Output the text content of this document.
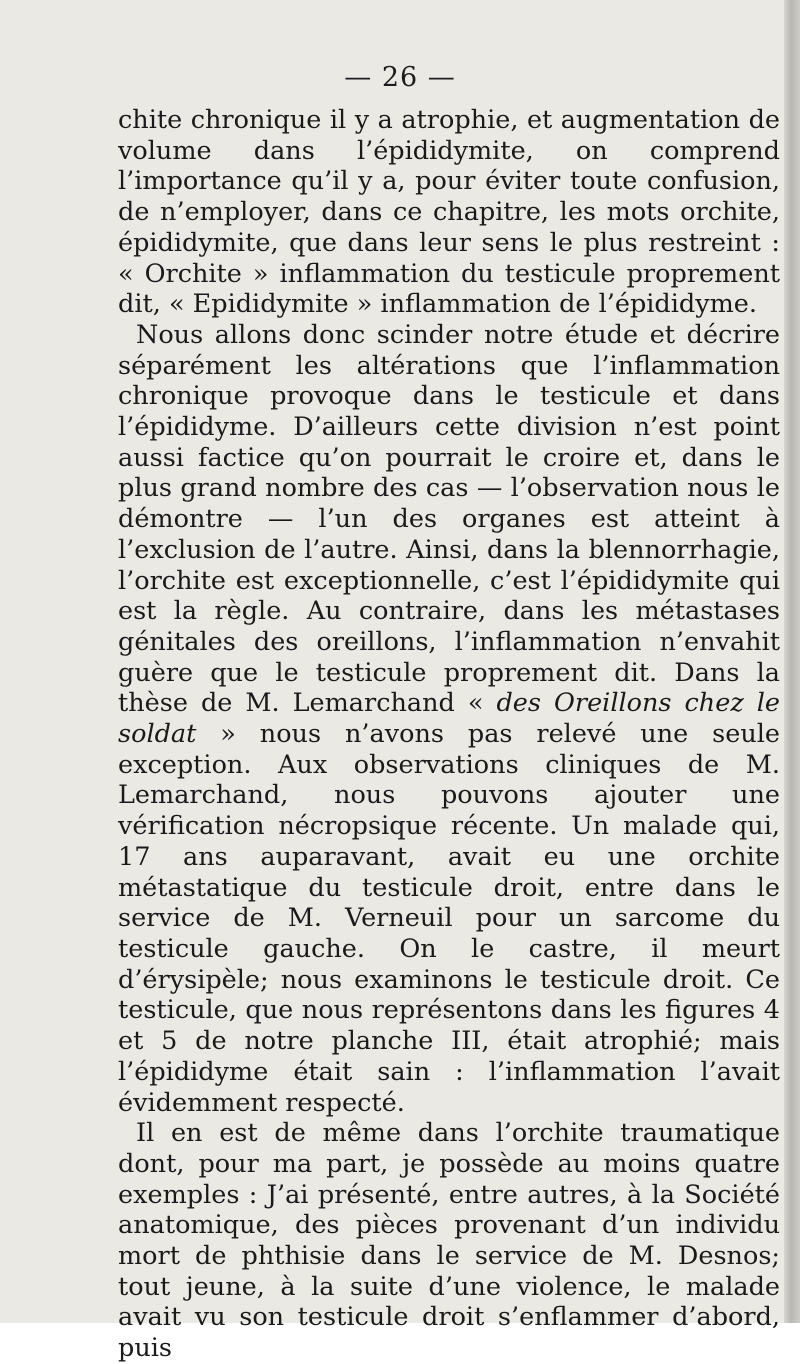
— 26 —

chite chronique il y a atrophie, et augmentation de volume dans l’épididymite, on comprend l’importance qu’il y a, pour éviter toute confusion, de n’employer, dans ce chapitre, les mots orchite, épididymite, que dans leur sens le plus restreint : « Orchite » inflammation du testicule proprement dit, « Epididymite » inflammation de l’épididyme.

Nous allons donc scinder notre étude et décrire séparément les altérations que l’inflammation chronique provoque dans le testicule et dans l’épididyme. D’ailleurs cette division n’est point aussi factice qu’on pourrait le croire et, dans le plus grand nombre des cas — l’observation nous le démontre — l’un des organes est atteint à l’exclusion de l’autre. Ainsi, dans la blennorrhagie, l’orchite est exceptionnelle, c’est l’épididymite qui est la règle. Au contraire, dans les métastases génitales des oreillons, l’inflammation n’envahit guère que le testicule proprement dit. Dans la thèse de M. Lemarchand « des Oreillons chez le soldat » nous n’avons pas relevé une seule exception. Aux observations cliniques de M. Lemarchand, nous pouvons ajouter une vérification nécropsique récente. Un malade qui, 17 ans auparavant, avait eu une orchite métastatique du testicule droit, entre dans le service de M. Verneuil pour un sarcome du testicule gauche. On le castre, il meurt d’érysipèle; nous examinons le testicule droit. Ce testicule, que nous représentons dans les figures 4 et 5 de notre planche III, était atrophié; mais l’épididyme était sain : l’inflammation l’avait évidemment respecté.

Il en est de même dans l’orchite traumatique dont, pour ma part, je possède au moins quatre exemples : J’ai présenté, entre autres, à la Société anatomique, des pièces provenant d’un individu mort de phthisie dans le service de M. Desnos; tout jeune, à la suite d’une violence, le malade avait vu son testicule droit s’enflammer d’abord, puis
